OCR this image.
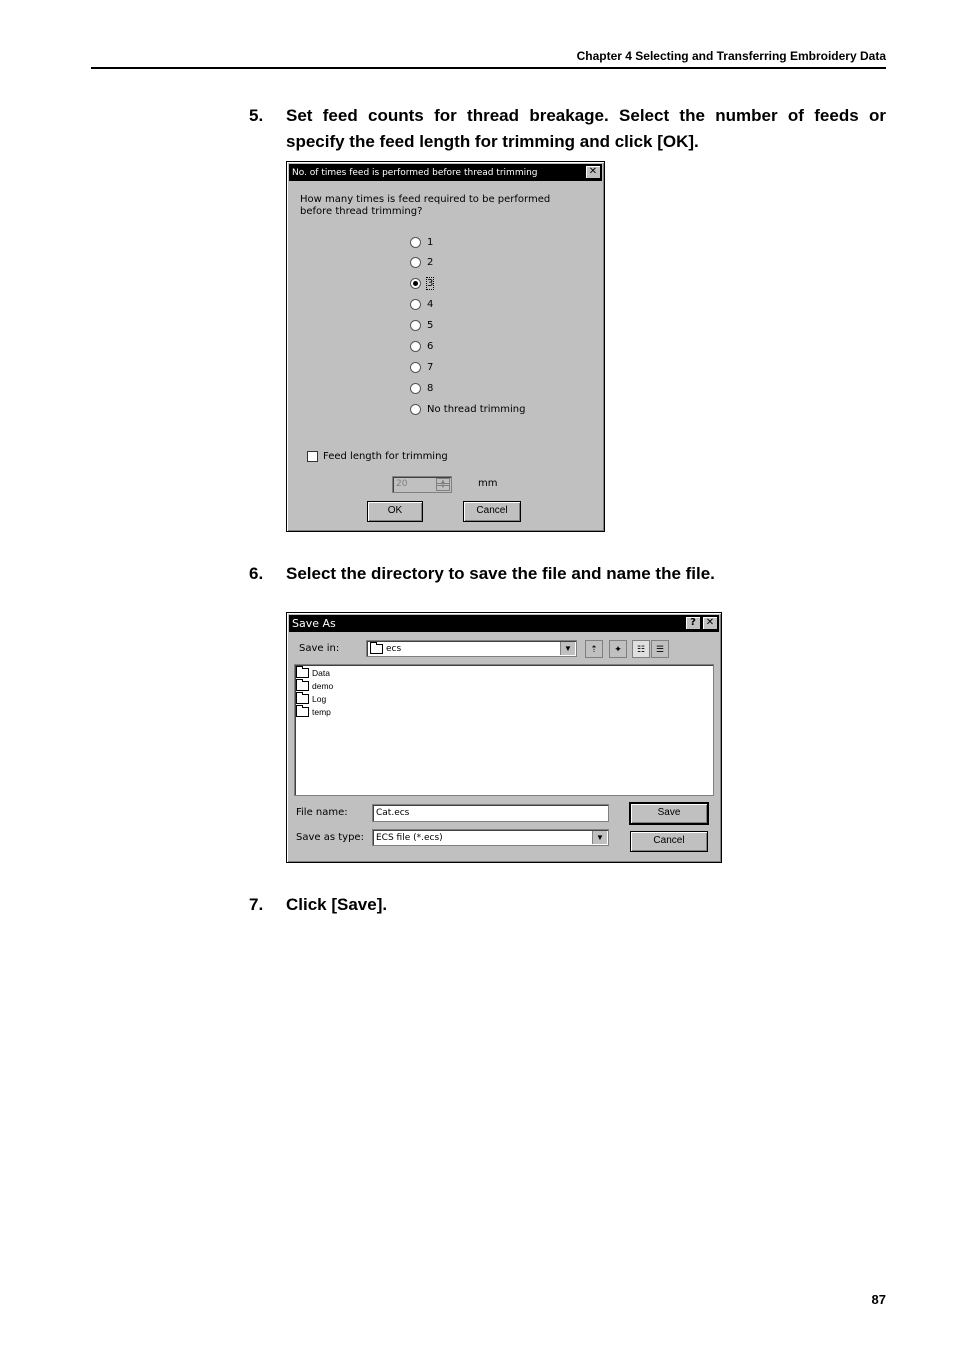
Chapter 4 Selecting and Transferring Embroidery Data
5. Set feed counts for thread breakage. Select the number of feeds or specify the feed length for trimming and click [OK].
No. of times feed is performed before thread trimming	✕
How many times is feed required to be performed before thread trimming?
1
2
3
4
5
6
7
8
No thread trimming
Feed length for trimming
20	▲
▼	mm
OK	Cancel
6. Select the directory to save the file and name the file.
Save As	? ✕
Save in:	ecs	▼	⇡	✦	☷	☰
Data
demo
Log
temp
File name:	Cat.ecs
Save as type: ECS file (*.ecs)	▼
Save
Cancel
7. Click [Save].
87
